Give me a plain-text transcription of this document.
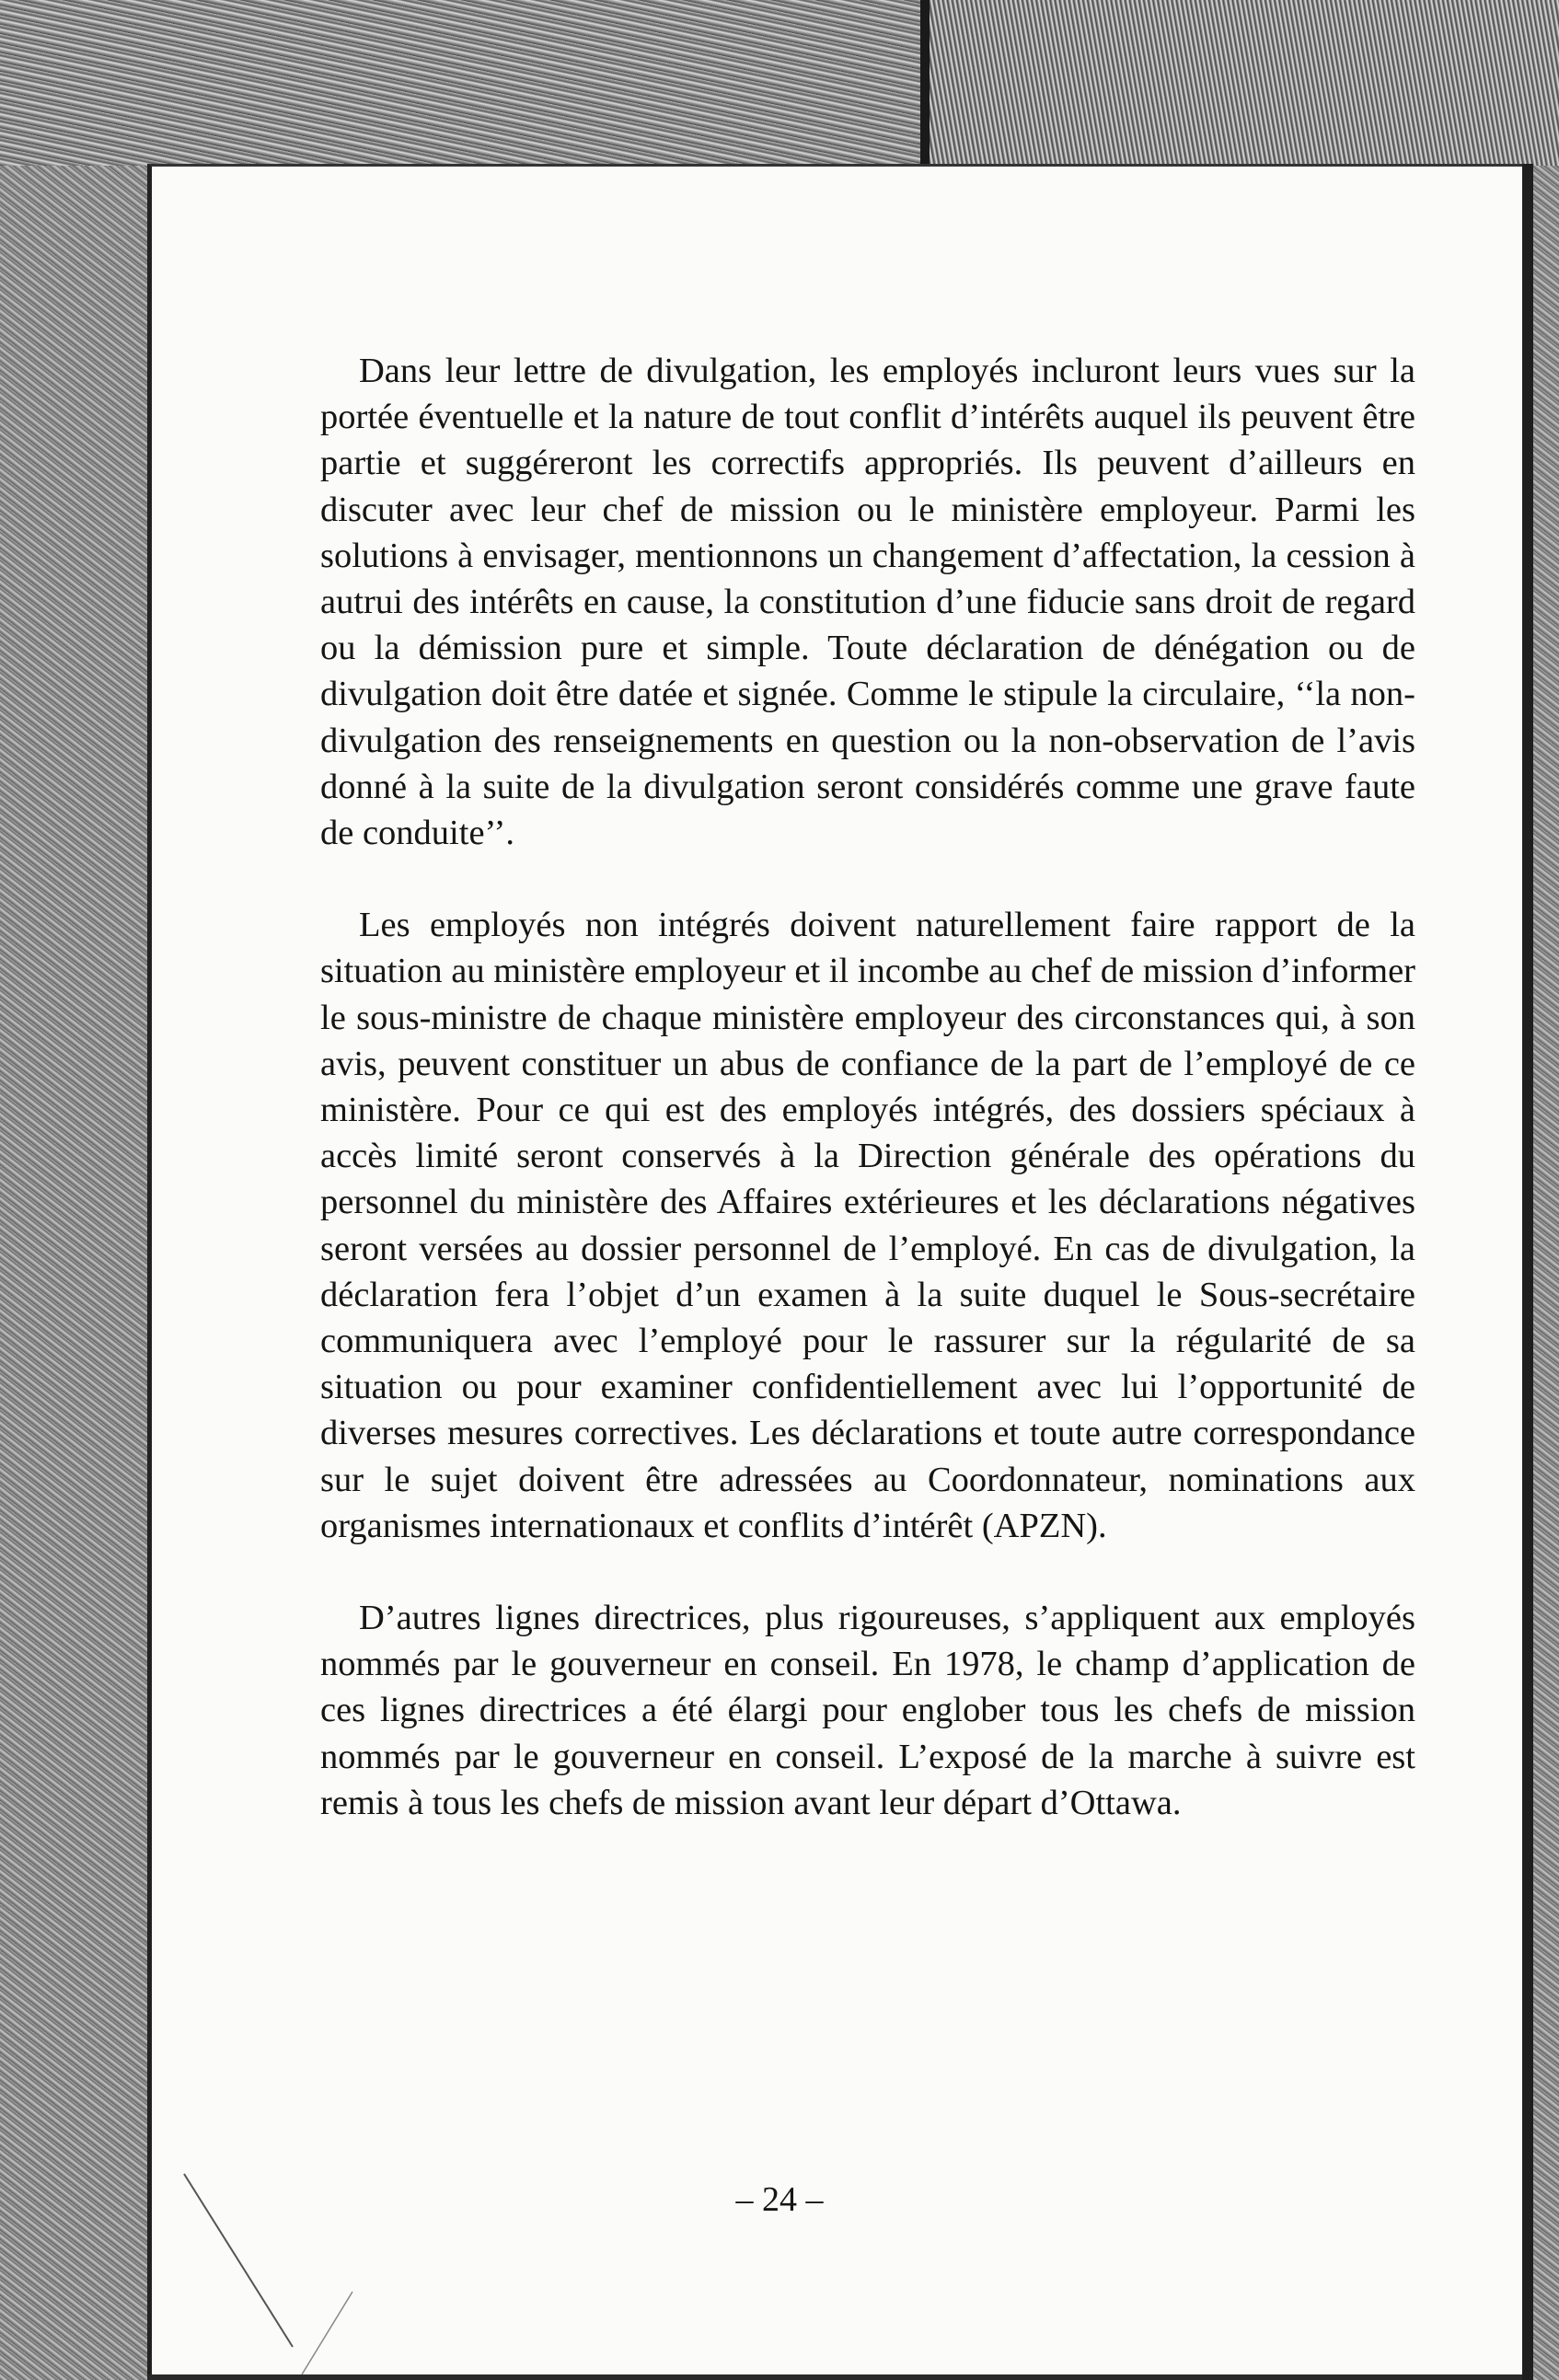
Dans leur lettre de divulgation, les employés incluront leurs vues sur la portée éventuelle et la nature de tout conflit d’intérêts auquel ils peuvent être partie et suggéreront les correctifs appropriés. Ils peuvent d’ailleurs en discuter avec leur chef de mission ou le ministère employeur. Parmi les solutions à envisager, mentionnons un changement d’affectation, la cession à autrui des intérêts en cause, la constitution d’une fiducie sans droit de regard ou la démission pure et simple. Toute déclaration de dénégation ou de divulgation doit être datée et signée. Comme le stipule la circulaire, ‘‘la non-divulgation des renseignements en question ou la non-observation de l’avis donné à la suite de la divulgation seront considérés comme une grave faute de conduite’’.

Les employés non intégrés doivent naturellement faire rapport de la situation au ministère employeur et il incombe au chef de mission d’informer le sous-ministre de chaque ministère employeur des circonstances qui, à son avis, peuvent constituer un abus de confiance de la part de l’employé de ce ministère. Pour ce qui est des employés intégrés, des dossiers spéciaux à accès limité seront conservés à la Direction générale des opérations du personnel du ministère des Affaires extérieures et les déclarations négatives seront versées au dossier personnel de l’employé. En cas de divulgation, la déclaration fera l’objet d’un examen à la suite duquel le Sous-secrétaire communiquera avec l’employé pour le rassurer sur la régularité de sa situation ou pour examiner confidentiellement avec lui l’opportunité de diverses mesures correctives. Les déclarations et toute autre correspondance sur le sujet doivent être adressées au Coordonnateur, nominations aux organismes internationaux et conflits d’intérêt (APZN).

D’autres lignes directrices, plus rigoureuses, s’appliquent aux employés nommés par le gouverneur en conseil. En 1978, le champ d’application de ces lignes directrices a été élargi pour englober tous les chefs de mission nommés par le gouverneur en conseil. L’exposé de la marche à suivre est remis à tous les chefs de mission avant leur départ d’Ottawa.

– 24 –
